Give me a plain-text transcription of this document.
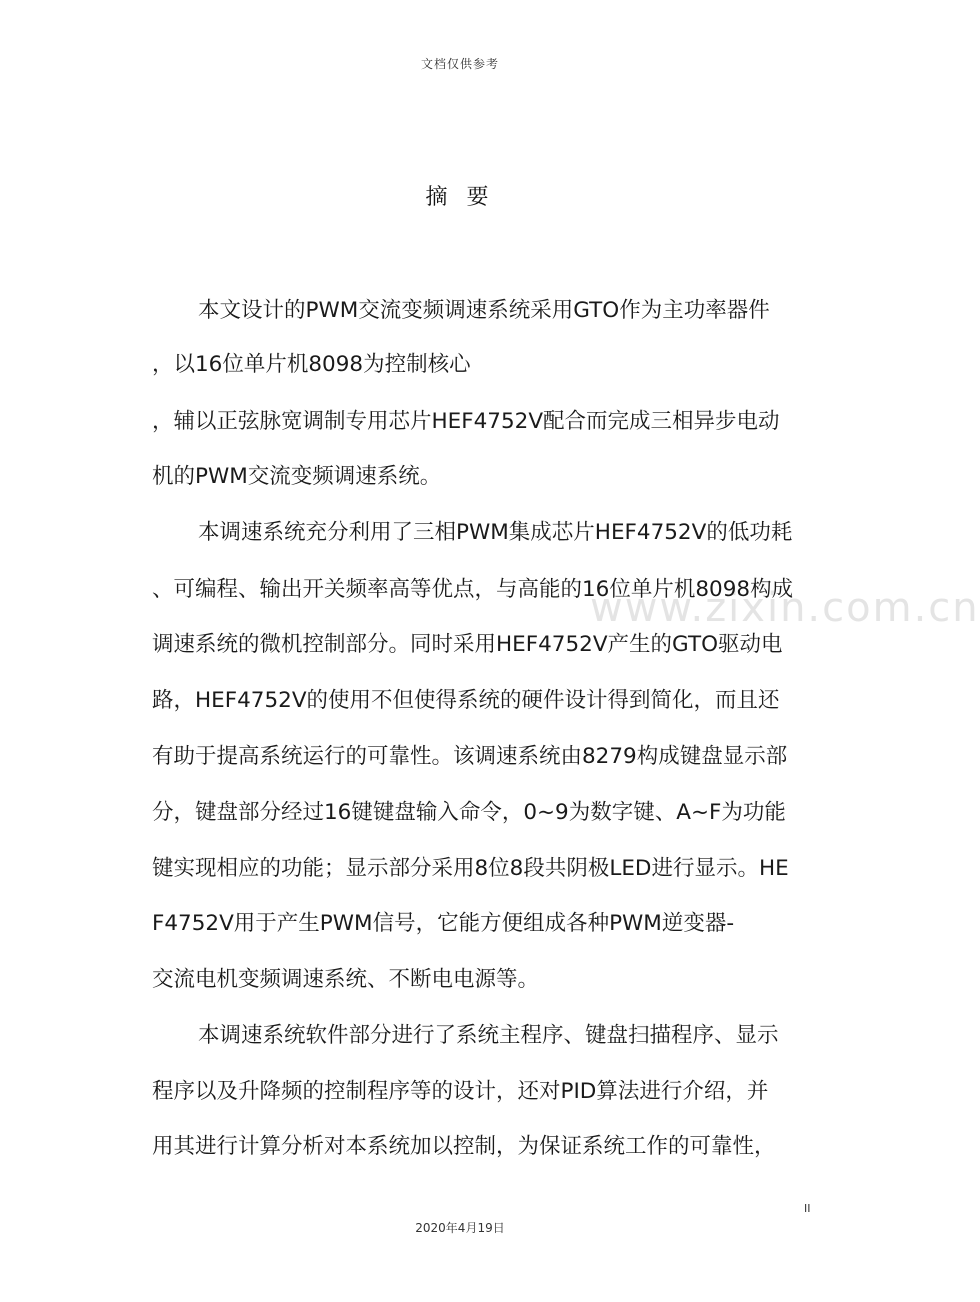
文档仅供参考
摘 要
www.zixin.com.cn
本文设计的PWM交流变频调速系统采用GTO作为主功率器件
，以16位单片机8098为控制核心
，辅以正弦脉宽调制专用芯片HEF4752V配合而完成三相异步电动
机的PWM交流变频调速系统。
本调速系统充分利用了三相PWM集成芯片HEF4752V的低功耗
、可编程、输出开关频率高等优点，与高能的16位单片机8098构成
调速系统的微机控制部分。同时采用HEF4752V产生的GTO驱动电
路，HEF4752V的使用不但使得系统的硬件设计得到简化，而且还
有助于提高系统运行的可靠性。该调速系统由8279构成键盘显示部
分，键盘部分经过16键键盘输入命令，0~9为数字键、A~F为功能
键实现相应的功能；显示部分采用8位8段共阴极LED进行显示。HE
F4752V用于产生PWM信号，它能方便组成各种PWM逆变器-
交流电机变频调速系统、不断电电源等。
本调速系统软件部分进行了系统主程序、键盘扫描程序、显示
程序以及升降频的控制程序等的设计，还对PID算法进行介绍，并
用其进行计算分析对本系统加以控制，为保证系统工作的可靠性，
II
2020年4月19日
